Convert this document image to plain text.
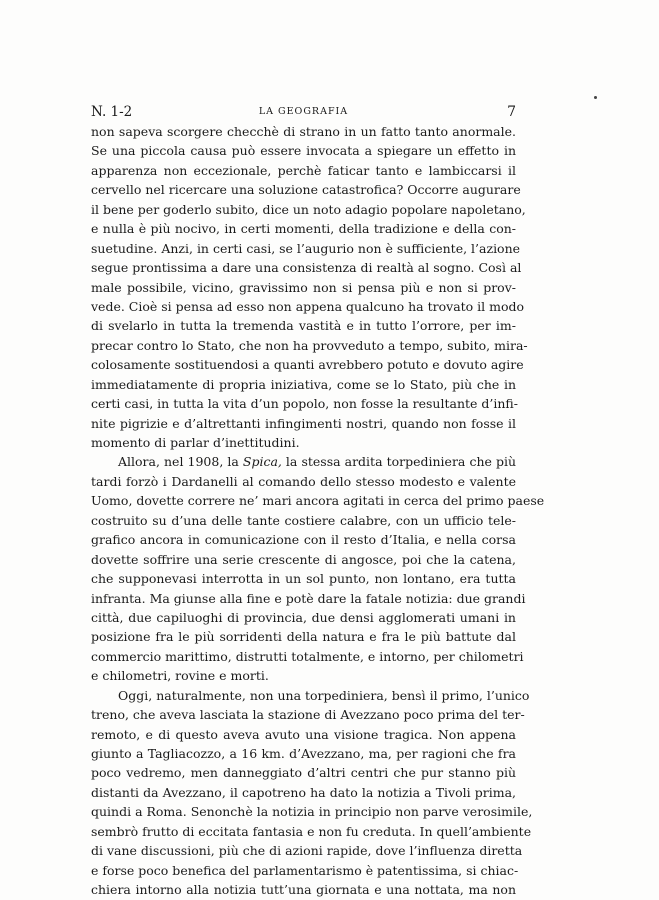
N. 1-2	LA GEOGRAFIA	7
non sapeva scorgere checchè di strano in un fatto tanto anormale.
Se una piccola causa può essere invocata a spiegare un effetto in
apparenza non eccezionale, perchè faticar tanto e lambiccarsi il
cervello nel ricercare una soluzione catastrofica? Occorre augurare
il bene per goderlo subito, dice un noto adagio popolare napoletano,
e nulla è più nocivo, in certi momenti, della tradizione e della con-
suetudine. Anzi, in certi casi, se l’augurio non è sufficiente, l’azione
segue prontissima a dare una consistenza di realtà al sogno. Così al
male possibile, vicino, gravissimo non si pensa più e non si prov-
vede. Cioè si pensa ad esso non appena qualcuno ha trovato il modo
di svelarlo in tutta la tremenda vastità e in tutto l’orrore, per im-
precar contro lo Stato, che non ha provveduto a tempo, subito, mira-
colosamente sostituendosi a quanti avrebbero potuto e dovuto agire
immediatamente di propria iniziativa, come se lo Stato, più che in
certi casi, in tutta la vita d’un popolo, non fosse la resultante d’infi-
nite pigrizie e d’altrettanti infingimenti nostri, quando non fosse il
momento di parlar d’inettitudini.
Allora, nel 1908, la Spica, la stessa ardita torpediniera che più
tardi forzò i Dardanelli al comando dello stesso modesto e valente
Uomo, dovette correre ne’ mari ancora agitati in cerca del primo paese
costruito su d’una delle tante costiere calabre, con un ufficio tele-
grafico ancora in comunicazione con il resto d’Italia, e nella corsa
dovette soffrire una serie crescente di angosce, poi che la catena,
che supponevasi interrotta in un sol punto, non lontano, era tutta
infranta. Ma giunse alla fine e potè dare la fatale notizia: due grandi
città, due capiluoghi di provincia, due densi agglomerati umani in
posizione fra le più sorridenti della natura e fra le più battute dal
commercio marittimo, distrutti totalmente, e intorno, per chilometri
e chilometri, rovine e morti.
Oggi, naturalmente, non una torpediniera, bensì il primo, l’unico
treno, che aveva lasciata la stazione di Avezzano poco prima del ter-
remoto, e di questo aveva avuto una visione tragica. Non appena
giunto a Tagliacozzo, a 16 km. d’Avezzano, ma, per ragioni che fra
poco vedremo, men danneggiato d’altri centri che pur stanno più
distanti da Avezzano, il capotreno ha dato la notizia a Tivoli prima,
quindi a Roma. Senonchè la notizia in principio non parve verosimile,
sembrò frutto di eccitata fantasia e non fu creduta. In quell’ambiente
di vane discussioni, più che di azioni rapide, dove l’influenza diretta
e forse poco benefica del parlamentarismo è patentissima, si chiac-
chiera intorno alla notizia tutt’una giornata e una nottata, ma non
